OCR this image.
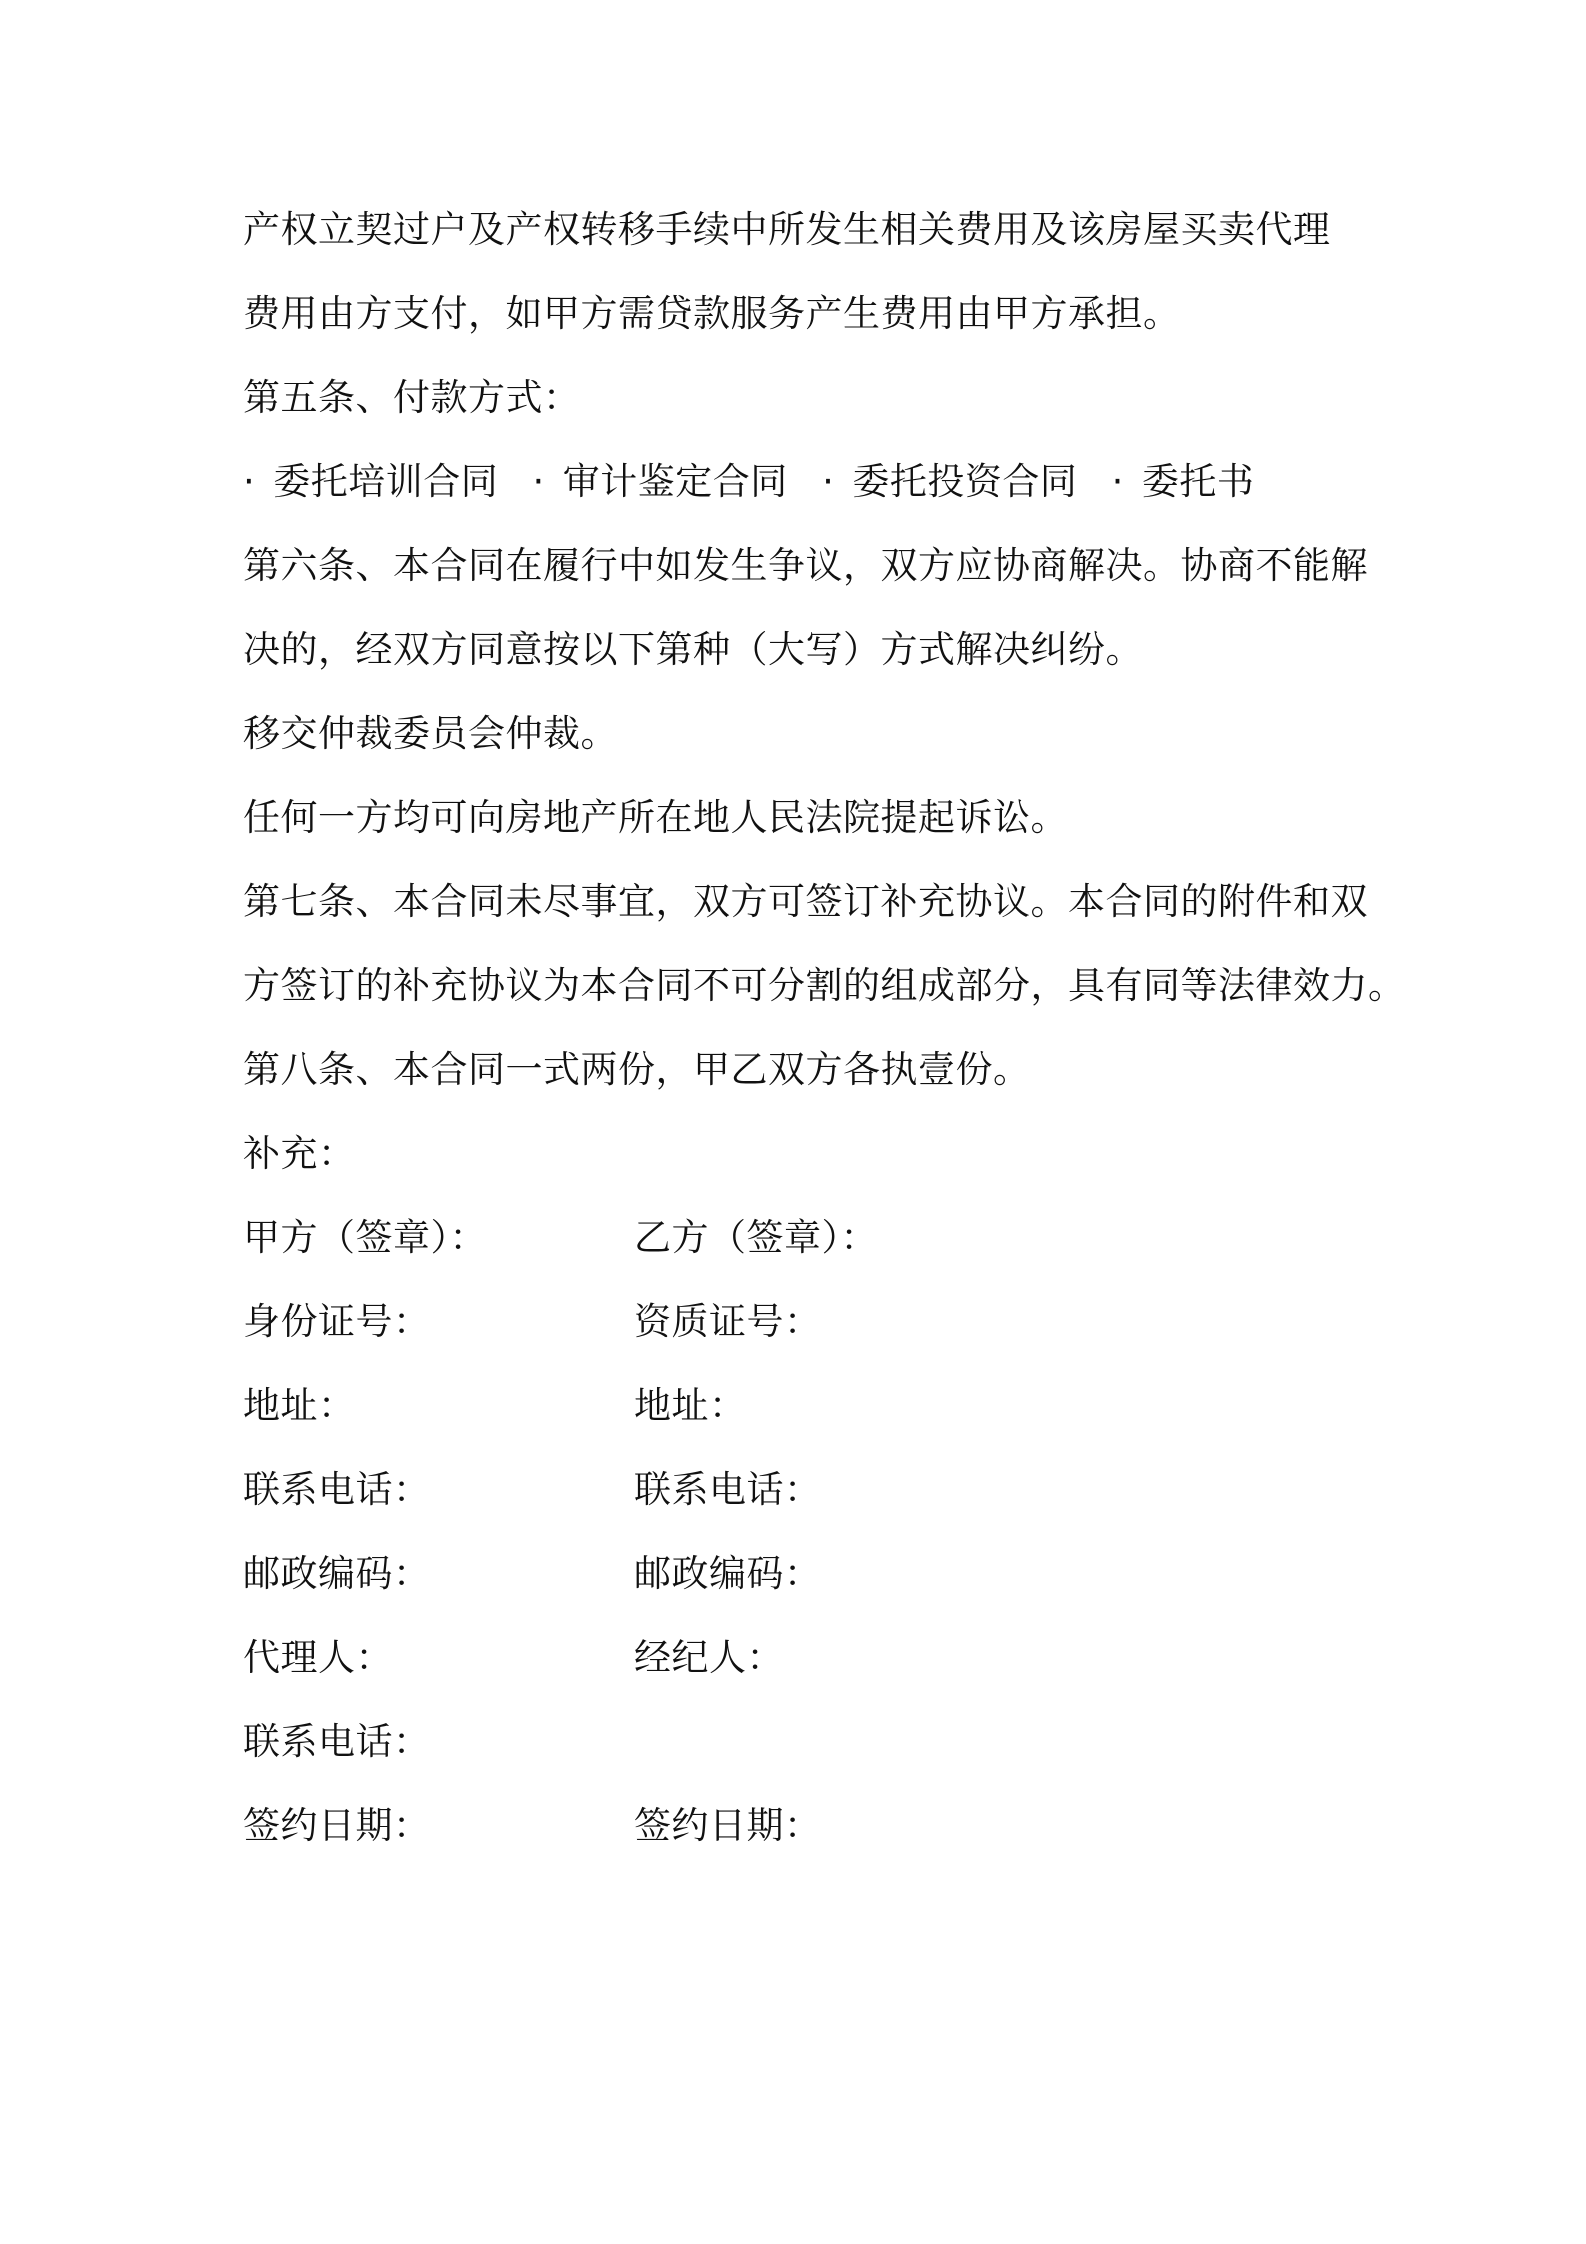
产权立契过户及产权转移手续中所发生相关费用及该房屋买卖代理
费用由方支付，如甲方需贷款服务产生费用由甲方承担。
第五条、付款方式：
· 委托培训合同 · 审计鉴定合同 · 委托投资合同 · 委托书
第六条、本合同在履行中如发生争议，双方应协商解决。协商不能解
决的，经双方同意按以下第种（大写）方式解决纠纷。
移交仲裁委员会仲裁。
任何一方均可向房地产所在地人民法院提起诉讼。
第七条、本合同未尽事宜，双方可签订补充协议。本合同的附件和双
方签订的补充协议为本合同不可分割的组成部分，具有同等法律效力。
第八条、本合同一式两份，甲乙双方各执壹份。
补充：
甲方（签章）：
身份证号：
地址：
联系电话：
邮政编码：
代理人：
联系电话：
签约日期：
乙方（签章）：
资质证号：
地址：
联系电话：
邮政编码：
经纪人：
签约日期：
